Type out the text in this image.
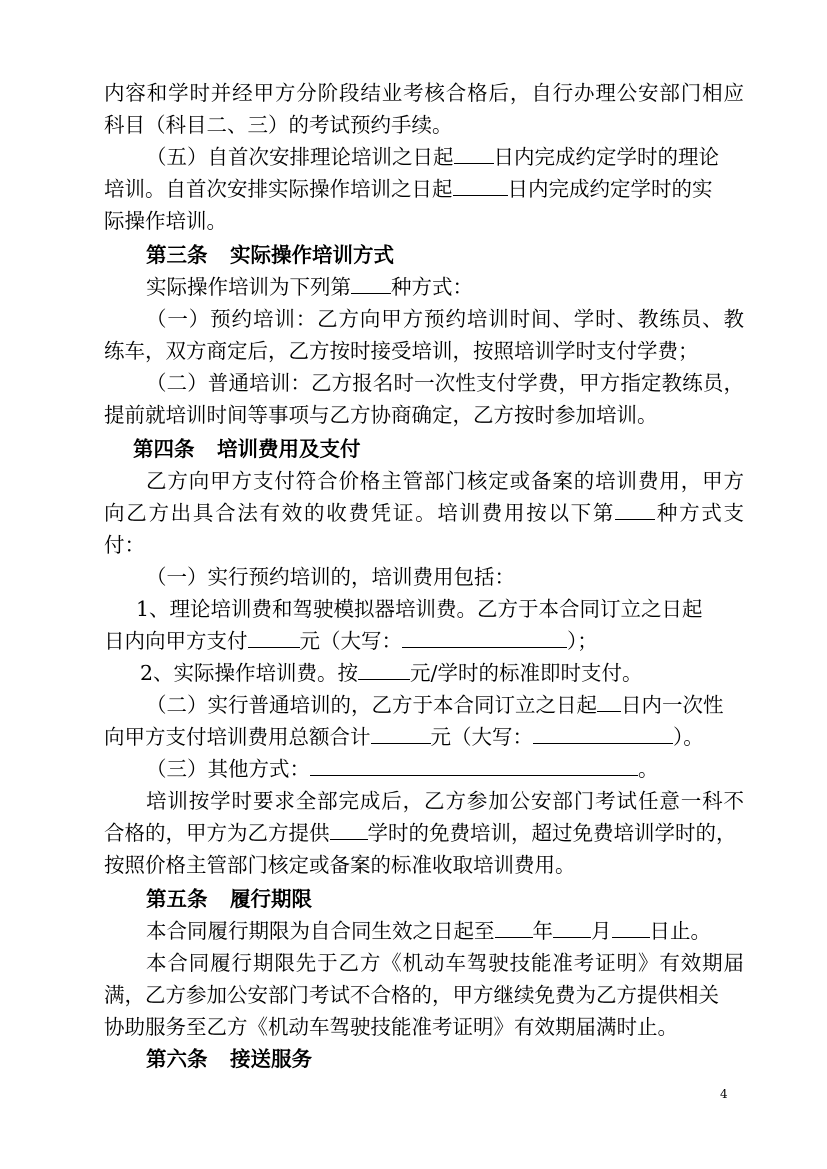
内容和学时并经甲方分阶段结业考核合格后，自行办理公安部门相应
科目（科目二、三）的考试预约手续。
（五）自首次安排理论培训之日起 日内完成约定学时的理论
培训。自首次安排实际操作培训之日起	日内完成约定学时的实
际操作培训。
第三条 实际操作培训方式
实际操作培训为下列第 种方式：
（一）预约培训：乙方向甲方预约培训时间、学时、教练员、教
练车，双方商定后，乙方按时接受培训，按照培训学时支付学费；
（二）普通培训：乙方报名时一次性支付学费，甲方指定教练员，
提前就培训时间等事项与乙方协商确定，乙方按时参加培训。
第四条 培训费用及支付
乙方向甲方支付符合价格主管部门核定或备案的培训费用，甲方
向乙方出具合法有效的收费凭证。培训费用按以下第 种方式支
付：
（一）实行预约培训的，培训费用包括：
1、理论培训费和驾驶模拟器培训费。乙方于本合同订立之日起
日内向甲方支付	元（大写：	）；
2、实际操作培训费。按	元/学时的标准即时支付。
（二）实行普通培训的，乙方于本合同订立之日起 日内一次性
向甲方支付培训费用总额合计	元（大写：	）。
（三）其他方式：	。
培训按学时要求全部完成后，乙方参加公安部门考试任意一科不
合格的，甲方为乙方提供 学时的免费培训，超过免费培训学时的，
按照价格主管部门核定或备案的标准收取培训费用。
第五条 履行期限
本合同履行期限为自合同生效之日起至 年 月 日止。
本合同履行期限先于乙方《机动车驾驶技能准考证明》有效期届
满，乙方参加公安部门考试不合格的，甲方继续免费为乙方提供相关
协助服务至乙方《机动车驾驶技能准考证明》有效期届满时止。
第六条 接送服务
4
